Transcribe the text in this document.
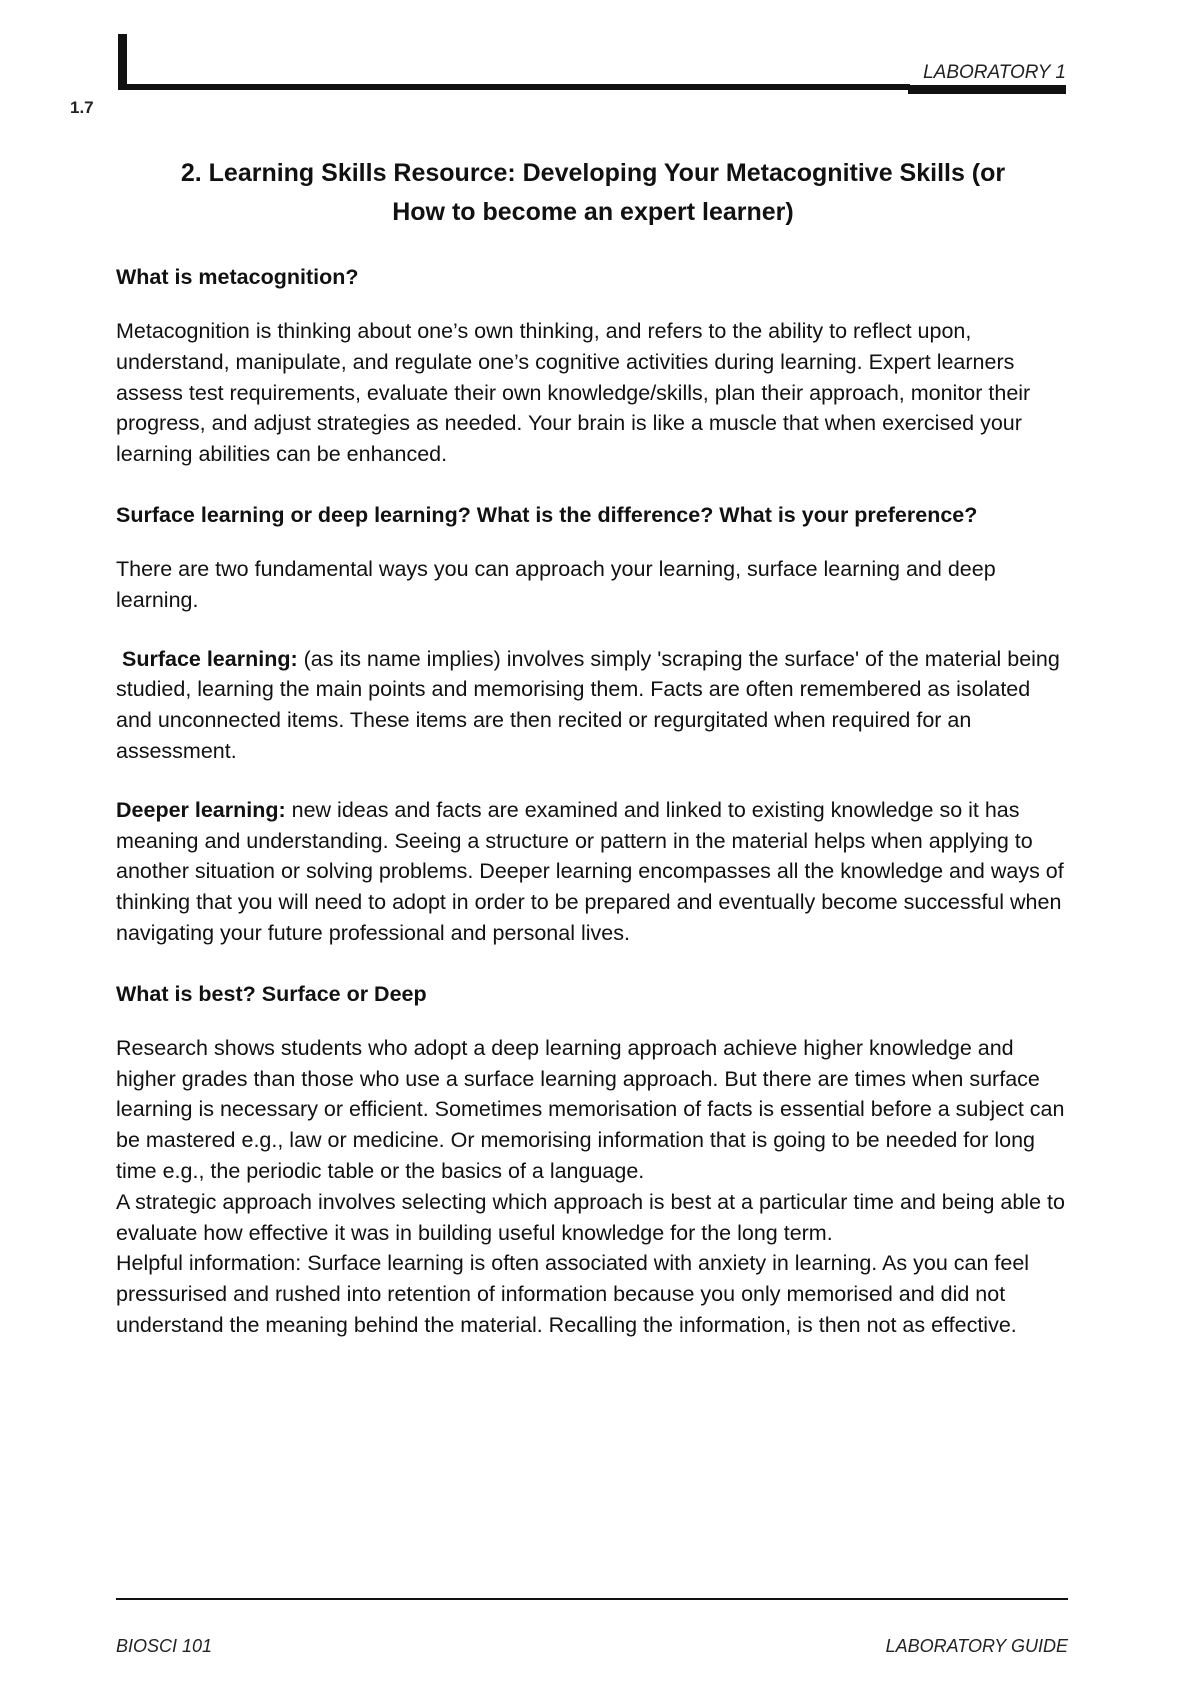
LABORATORY 1
1.7
2. Learning Skills Resource: Developing Your Metacognitive Skills (or
How to become an expert learner)
What is metacognition?

Metacognition is thinking about one’s own thinking, and refers to the ability to reflect upon, understand, manipulate, and regulate one’s cognitive activities during learning. Expert learners assess test requirements, evaluate their own knowledge/skills, plan their approach, monitor their progress, and adjust strategies as needed. Your brain is like a muscle that when exercised your learning abilities can be enhanced.

Surface learning or deep learning? What is the difference? What is your preference?

There are two fundamental ways you can approach your learning, surface learning and deep learning.

Surface learning: (as its name implies) involves simply 'scraping the surface' of the material being studied, learning the main points and memorising them. Facts are often remembered as isolated and unconnected items. These items are then recited or regurgitated when required for an assessment.

Deeper learning: new ideas and facts are examined and linked to existing knowledge so it has meaning and understanding. Seeing a structure or pattern in the material helps when applying to another situation or solving problems. Deeper learning encompasses all the knowledge and ways of thinking that you will need to adopt in order to be prepared and eventually become successful when navigating your future professional and personal lives.

What is best? Surface or Deep

Research shows students who adopt a deep learning approach achieve higher knowledge and higher grades than those who use a surface learning approach. But there are times when surface learning is necessary or efficient. Sometimes memorisation of facts is essential before a subject can be mastered e.g., law or medicine. Or memorising information that is going to be needed for long time e.g., the periodic table or the basics of a language.

A strategic approach involves selecting which approach is best at a particular time and being able to evaluate how effective it was in building useful knowledge for the long term.

Helpful information: Surface learning is often associated with anxiety in learning. As you can feel pressurised and rushed into retention of information because you only memorised and did not understand the meaning behind the material. Recalling the information, is then not as effective.

BIOSCI 101	LABORATORY GUIDE
